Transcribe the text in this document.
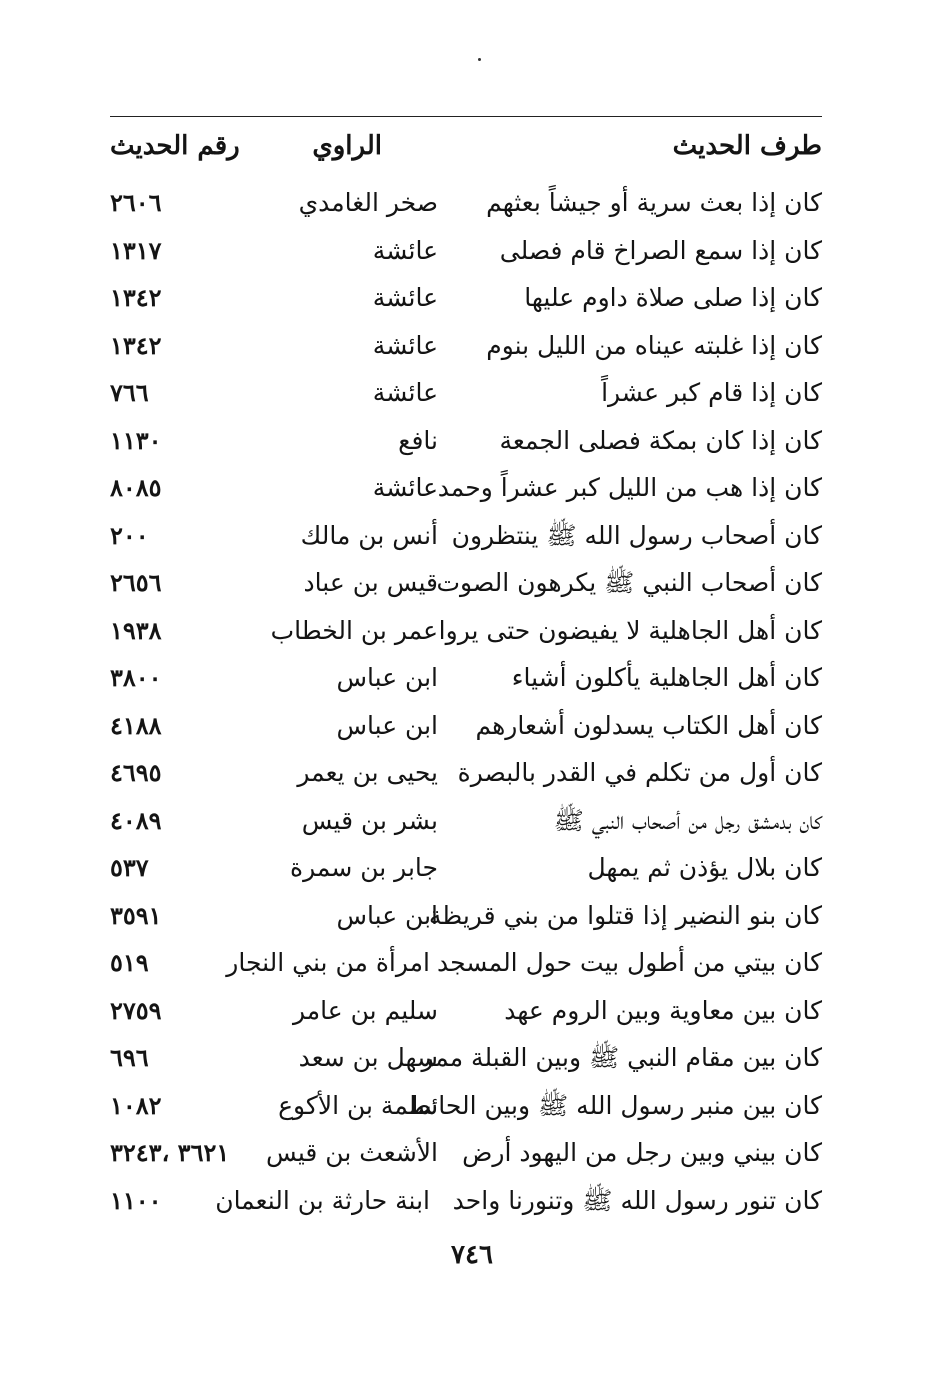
طرف الحديث
الراوي
رقم الحديث
كان إذا بعث سرية أو جيشاً بعثهم
صخر الغامدي
٢٦٠٦
كان إذا سمع الصراخ قام فصلى
عائشة
١٣١٧
كان إذا صلى صلاة داوم عليها
عائشة
١٣٤٢
كان إذا غلبته عيناه من الليل بنوم
عائشة
١٣٤٢
كان إذا قام كبر عشراً
عائشة
٧٦٦
كان إذا كان بمكة فصلى الجمعة
نافع
١١٣٠
كان إذا هب من الليل كبر عشراً وحمد
عائشة
٨٠٨٥
كان أصحاب رسول الله ﷺ ينتظرون
أنس بن مالك
٢٠٠
كان أصحاب النبي ﷺ يكرهون الصوت
قيس بن عباد
٢٦٥٦
كان أهل الجاهلية لا يفيضون حتى يروا
عمر بن الخطاب
١٩٣٨
كان أهل الجاهلية يأكلون أشياء
ابن عباس
٣٨٠٠
كان أهل الكتاب يسدلون أشعارهم
ابن عباس
٤١٨٨
كان أول من تكلم في القدر بالبصرة
يحيى بن يعمر
٤٦٩٥
كان بدمشق رجل من أصحاب النبي ﷺ
بشر بن قيس
٤٠٨٩
كان بلال يؤذن ثم يمهل
جابر بن سمرة
٥٣٧
كان بنو النضير إذا قتلوا من بني قريظة
ابن عباس
٣٥٩١
كان بيتي من أطول بيت حول المسجد
امرأة من بني النجار
٥١٩
كان بين معاوية وبين الروم عهد
سليم بن عامر
٢٧٥٩
كان بين مقام النبي ﷺ وبين القبلة ممر
سهل بن سعد
٦٩٦
كان بين منبر رسول الله ﷺ وبين الحائط
سلمة بن الأكوع
١٠٨٢
كان بيني وبين رجل من اليهود أرض
الأشعث بن قيس
٣٦٢١ ،٣٢٤٣
كان تنور رسول الله ﷺ وتنورنا واحد
ابنة حارثة بن النعمان
١١٠٠
٧٤٦
